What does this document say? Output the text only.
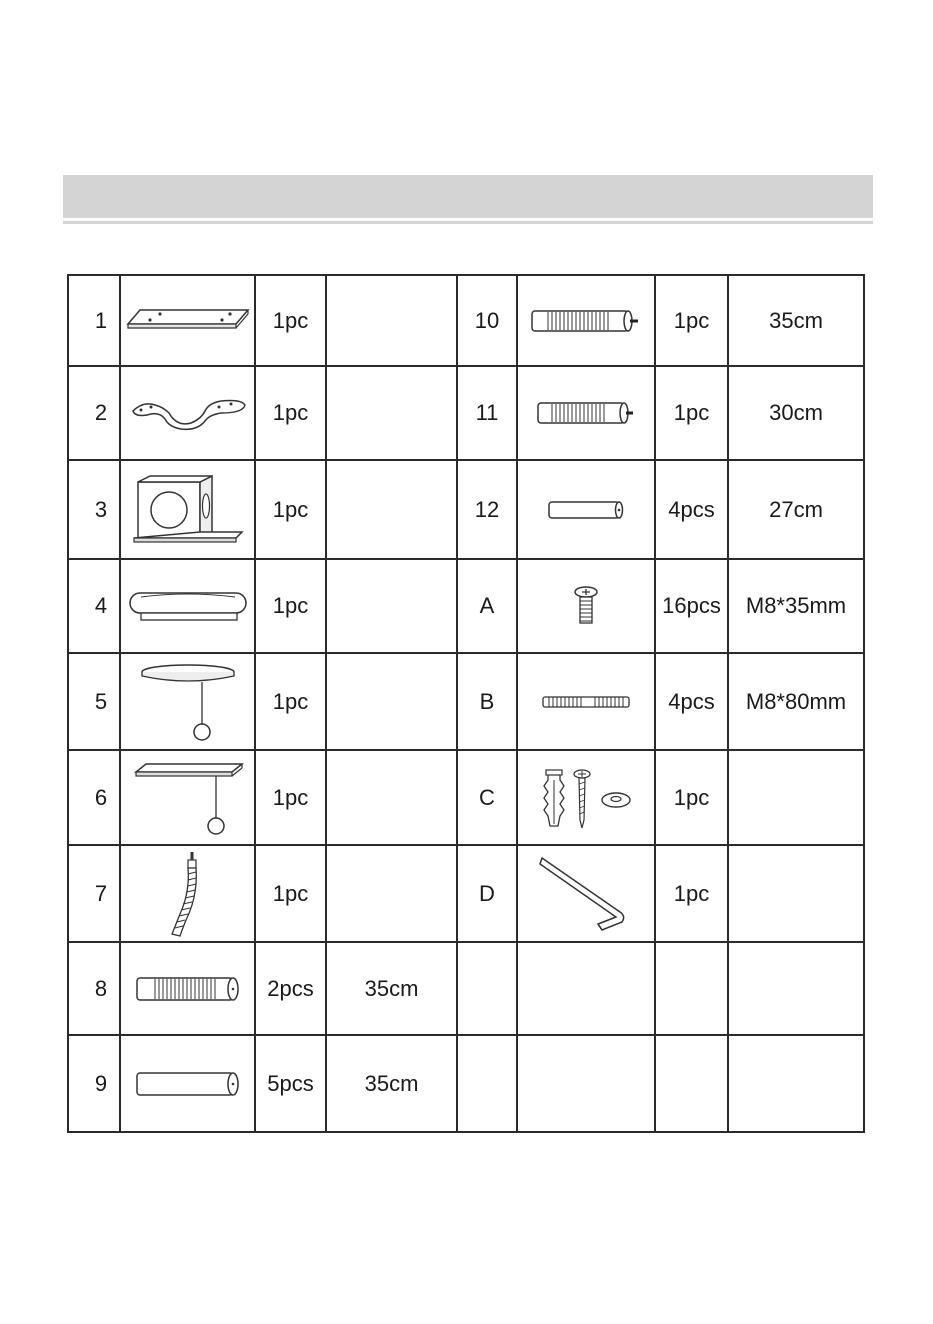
1		1pc		10		1pc	35cm
2		1pc		11		1pc	30cm
3		1pc		12		4pcs	27cm
4		1pc		A		16pcs	M8*35mm
5		1pc		B		4pcs	M8*80mm
6		1pc		C		1pc	
7		1pc		D		1pc	
8		2pcs	35cm				
9		5pcs	35cm				
